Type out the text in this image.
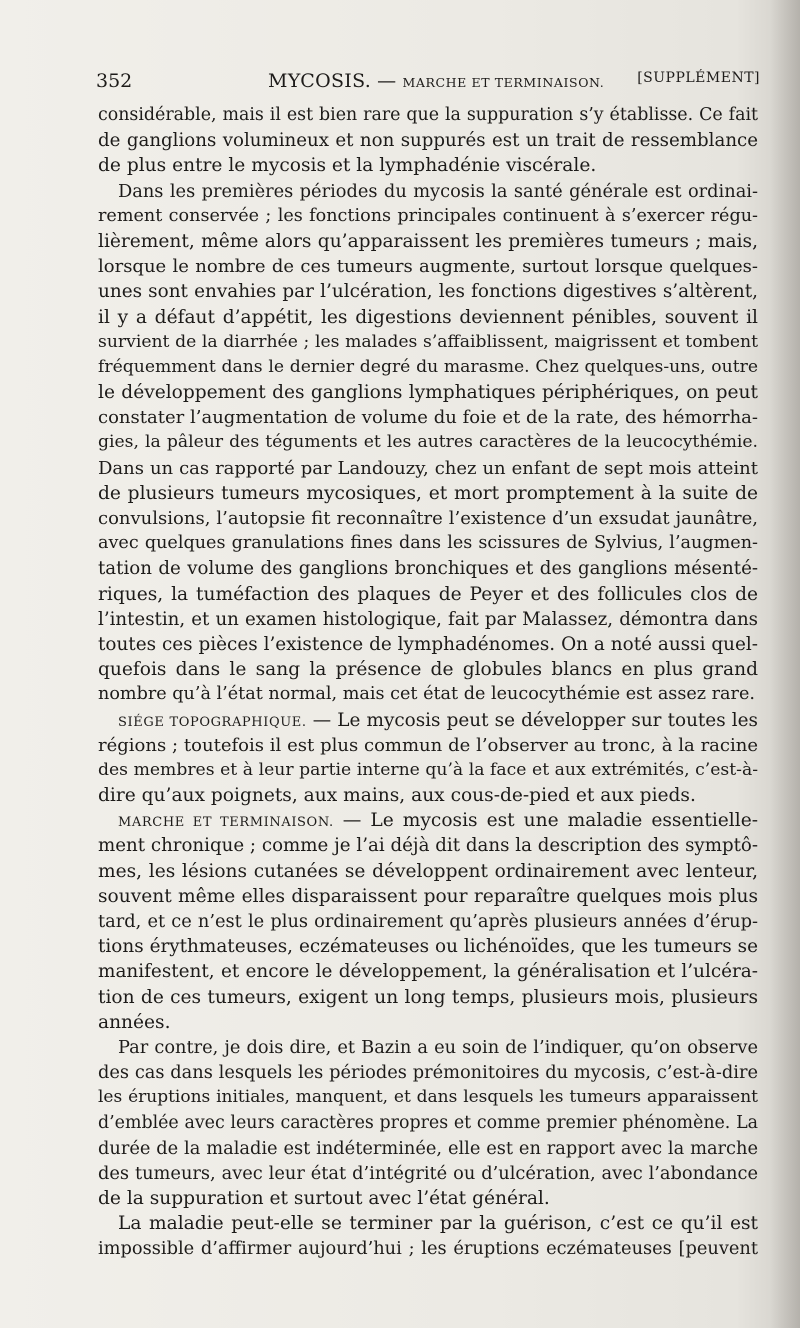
352	MYCOSIS. — MARCHE ET TERMINAISON. [SUPPLÉMENT]
considérable, mais il est bien rare que la suppuration s’y établisse. Ce fait
de ganglions volumineux et non suppurés est un trait de ressemblance
de plus entre le mycosis et la lymphadénie viscérale.
Dans les premières périodes du mycosis la santé générale est ordinai-
rement conservée ; les fonctions principales continuent à s’exercer régu-
lièrement, même alors qu’apparaissent les premières tumeurs ; mais,
lorsque le nombre de ces tumeurs augmente, surtout lorsque quelques-
unes sont envahies par l’ulcération, les fonctions digestives s’altèrent,
il y a défaut d’appétit, les digestions deviennent pénibles, souvent il
survient de la diarrhée ; les malades s’affaiblissent, maigrissent et tombent
fréquemment dans le dernier degré du marasme. Chez quelques-uns, outre
le développement des ganglions lymphatiques périphériques, on peut
constater l’augmentation de volume du foie et de la rate, des hémorrha-
gies, la pâleur des téguments et les autres caractères de la leucocythémie.
Dans un cas rapporté par Landouzy, chez un enfant de sept mois atteint
de plusieurs tumeurs mycosiques, et mort promptement à la suite de
convulsions, l’autopsie fit reconnaître l’existence d’un exsudat jaunâtre,
avec quelques granulations fines dans les scissures de Sylvius, l’augmen-
tation de volume des ganglions bronchiques et des ganglions mésenté-
riques, la tuméfaction des plaques de Peyer et des follicules clos de
l’intestin, et un examen histologique, fait par Malassez, démontra dans
toutes ces pièces l’existence de lymphadénomes. On a noté aussi quel-
quefois dans le sang la présence de globules blancs en plus grand
nombre qu’à l’état normal, mais cet état de leucocythémie est assez rare.
SIÉGE TOPOGRAPHIQUE. — Le mycosis peut se développer sur toutes les
régions ; toutefois il est plus commun de l’observer au tronc, à la racine
des membres et à leur partie interne qu’à la face et aux extrémités, c’est-à-
dire qu’aux poignets, aux mains, aux cous-de-pied et aux pieds.
MARCHE ET TERMINAISON. — Le mycosis est une maladie essentielle-
ment chronique ; comme je l’ai déjà dit dans la description des symptô-
mes, les lésions cutanées se développent ordinairement avec lenteur,
souvent même elles disparaissent pour reparaître quelques mois plus
tard, et ce n’est le plus ordinairement qu’après plusieurs années d’érup-
tions érythmateuses, eczémateuses ou lichénoïdes, que les tumeurs se
manifestent, et encore le développement, la généralisation et l’ulcéra-
tion de ces tumeurs, exigent un long temps, plusieurs mois, plusieurs
années.
Par contre, je dois dire, et Bazin a eu soin de l’indiquer, qu’on observe
des cas dans lesquels les périodes prémonitoires du mycosis, c’est-à-dire
les éruptions initiales, manquent, et dans lesquels les tumeurs apparaissent
d’emblée avec leurs caractères propres et comme premier phénomène. La
durée de la maladie est indéterminée, elle est en rapport avec la marche
des tumeurs, avec leur état d’intégrité ou d’ulcération, avec l’abondance
de la suppuration et surtout avec l’état général.
La maladie peut-elle se terminer par la guérison, c’est ce qu’il est
impossible d’affirmer aujourd’hui ; les éruptions eczémateuses [peuvent
